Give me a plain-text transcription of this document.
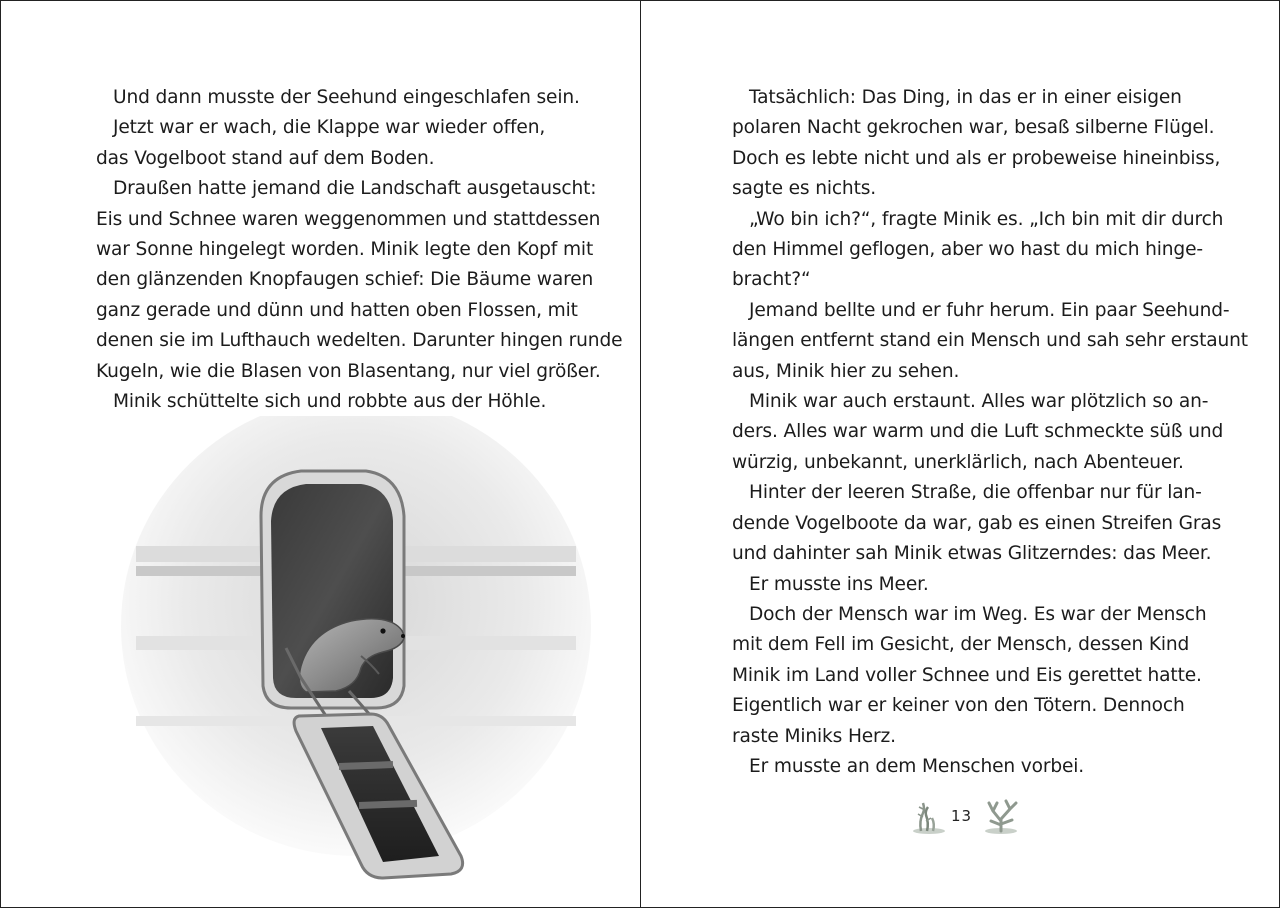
Und dann musste der Seehund eingeschlafen sein.
Jetzt war er wach, die Klappe war wieder offen,
das Vogelboot stand auf dem Boden.
Draußen hatte jemand die Landschaft ausgetauscht:
Eis und Schnee waren weggenommen und stattdessen
war Sonne hingelegt worden. Minik legte den Kopf mit
den glänzenden Knopfaugen schief: Die Bäume waren
ganz gerade und dünn und hatten oben Flossen, mit
denen sie im Lufthauch wedelten. Darunter hingen runde
Kugeln, wie die Blasen von Blasentang, nur viel größer.
Minik schüttelte sich und robbte aus der Höhle.
Tatsächlich: Das Ding, in das er in einer eisigen
polaren Nacht gekrochen war, besaß silberne Flügel.
Doch es lebte nicht und als er probeweise hineinbiss,
sagte es nichts.
„Wo bin ich?“, fragte Minik es. „Ich bin mit dir durch
den Himmel geflogen, aber wo hast du mich hinge-
bracht?“
Jemand bellte und er fuhr herum. Ein paar Seehund-
längen entfernt stand ein Mensch und sah sehr erstaunt
aus, Minik hier zu sehen.
Minik war auch erstaunt. Alles war plötzlich so an-
ders. Alles war warm und die Luft schmeckte süß und
würzig, unbekannt, unerklärlich, nach Abenteuer.
Hinter der leeren Straße, die offenbar nur für lan-
dende Vogelboote da war, gab es einen Streifen Gras
und dahinter sah Minik etwas Glitzerndes: das Meer.
Er musste ins Meer.
Doch der Mensch war im Weg. Es war der Mensch
mit dem Fell im Gesicht, der Mensch, dessen Kind
Minik im Land voller Schnee und Eis gerettet hatte.
Eigentlich war er keiner von den Tötern. Dennoch
raste Miniks Herz.
Er musste an dem Menschen vorbei.
13
